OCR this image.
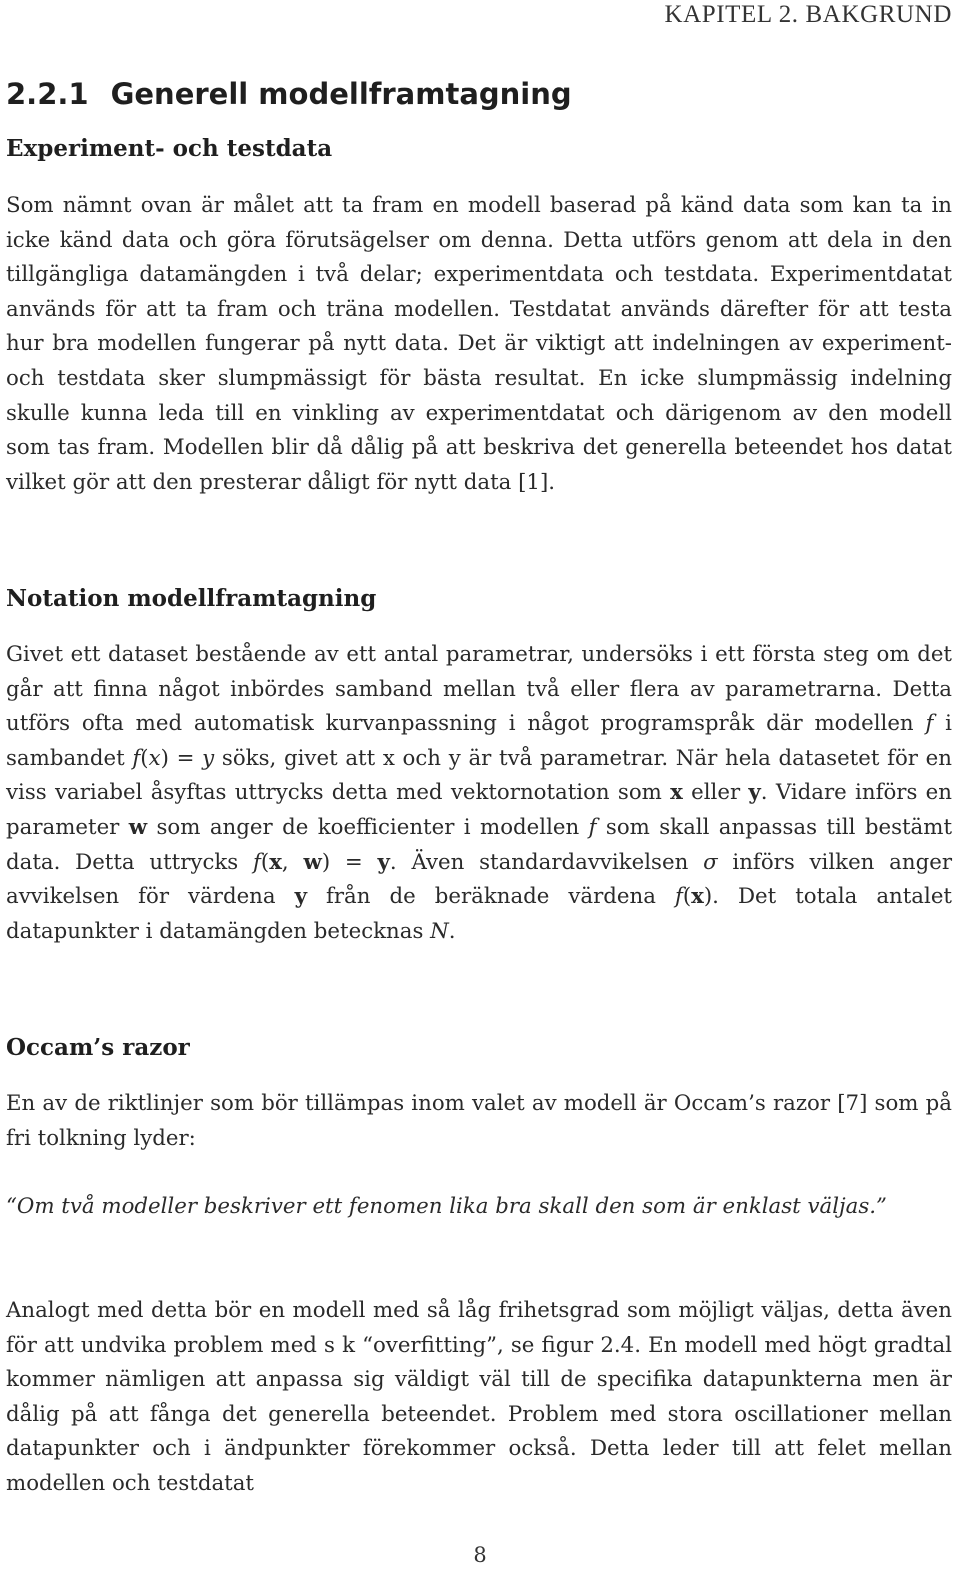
KAPITEL 2. BAKGRUND
2.2.1 Generell modellframtagning
Experiment- och testdata

Som nämnt ovan är målet att ta fram en modell baserad på känd data som kan ta in icke känd data och göra förutsägelser om denna. Detta utförs genom att dela in den tillgängliga datamängden i två delar; experimentdata och testdata. Experimentdatat används för att ta fram och träna modellen. Testdatat används därefter för att testa hur bra modellen fungerar på nytt data. Det är viktigt att indelningen av experiment- och testdata sker slumpmässigt för bästa resultat. En icke slumpmässig indelning skulle kunna leda till en vinkling av experimentdatat och därigenom av den modell som tas fram. Modellen blir då dålig på att beskriva det generella beteendet hos datat vilket gör att den presterar dåligt för nytt data [1].

Notation modellframtagning

Givet ett dataset bestående av ett antal parametrar, undersöks i ett första steg om det går att finna något inbördes samband mellan två eller flera av parametrarna. Detta utförs ofta med automatisk kurvanpassning i något programspråk där modellen f i sambandet f(x) = y söks, givet att x och y är två parametrar. När hela datasetet för en viss variabel åsyftas uttrycks detta med vektornotation som x eller y. Vidare införs en parameter w som anger de koefficienter i modellen f som skall anpassas till bestämt data. Detta uttrycks f(x, w) = y. Även standardavvikelsen σ införs vilken anger avvikelsen för värdena y från de beräknade värdena f(x). Det totala antalet datapunkter i datamängden betecknas N.

Occam’s razor

En av de riktlinjer som bör tillämpas inom valet av modell är Occam’s razor [7] som på fri tolkning lyder:

“Om två modeller beskriver ett fenomen lika bra skall den som är enklast väljas.”

Analogt med detta bör en modell med så låg frihetsgrad som möjligt väljas, detta även för att undvika problem med s k “overfitting”, se figur 2.4. En modell med högt gradtal kommer nämligen att anpassa sig väldigt väl till de specifika datapunkterna men är dålig på att fånga det generella beteendet. Problem med stora oscillationer mellan datapunkter och i ändpunkter förekommer också. Detta leder till att felet mellan modellen och testdatat

8
